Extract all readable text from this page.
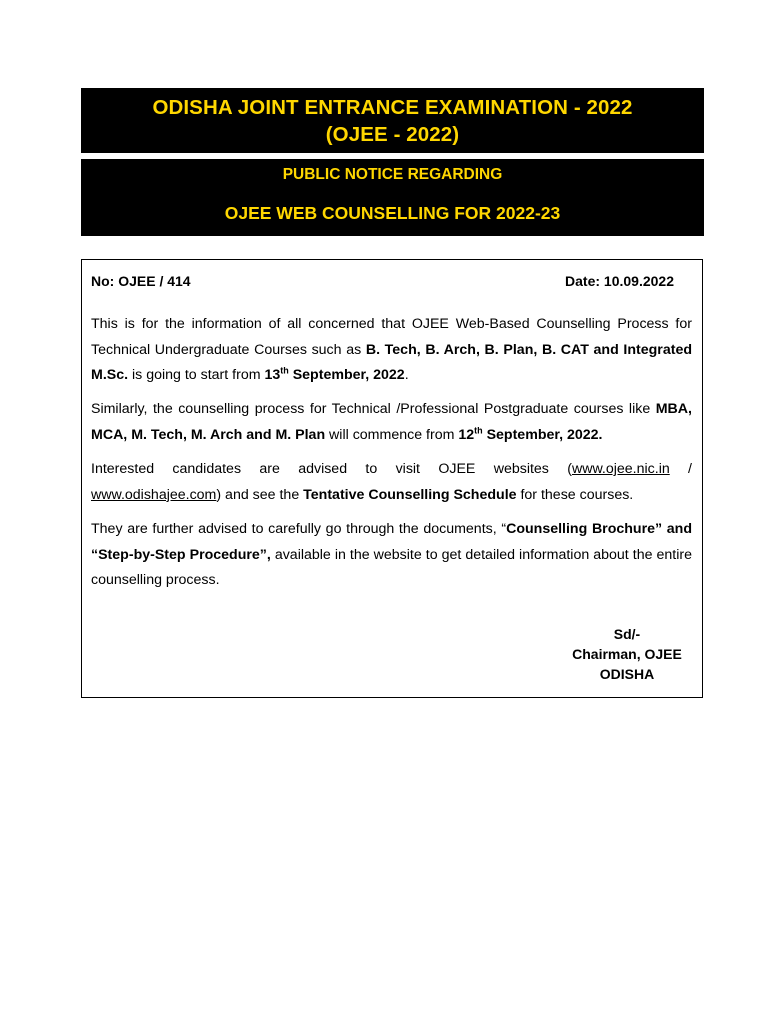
ODISHA JOINT ENTRANCE EXAMINATION - 2022
(OJEE - 2022)
PUBLIC NOTICE REGARDING
OJEE WEB COUNSELLING FOR 2022-23
No: OJEE / 414	Date: 10.09.2022
This is for the information of all concerned that OJEE Web-Based Counselling Process for Technical Undergraduate Courses such as B. Tech, B. Arch, B. Plan, B. CAT and Integrated M.Sc. is going to start from 13th September, 2022.
Similarly, the counselling process for Technical /Professional Postgraduate courses like MBA, MCA, M. Tech, M. Arch and M. Plan will commence from 12th September, 2022.
Interested candidates are advised to visit OJEE websites (www.ojee.nic.in / www.odishajee.com) and see the Tentative Counselling Schedule for these courses.
They are further advised to carefully go through the documents, “Counselling Brochure” and “Step-by-Step Procedure”, available in the website to get detailed information about the entire counselling process.
Sd/-
Chairman, OJEE
ODISHA
